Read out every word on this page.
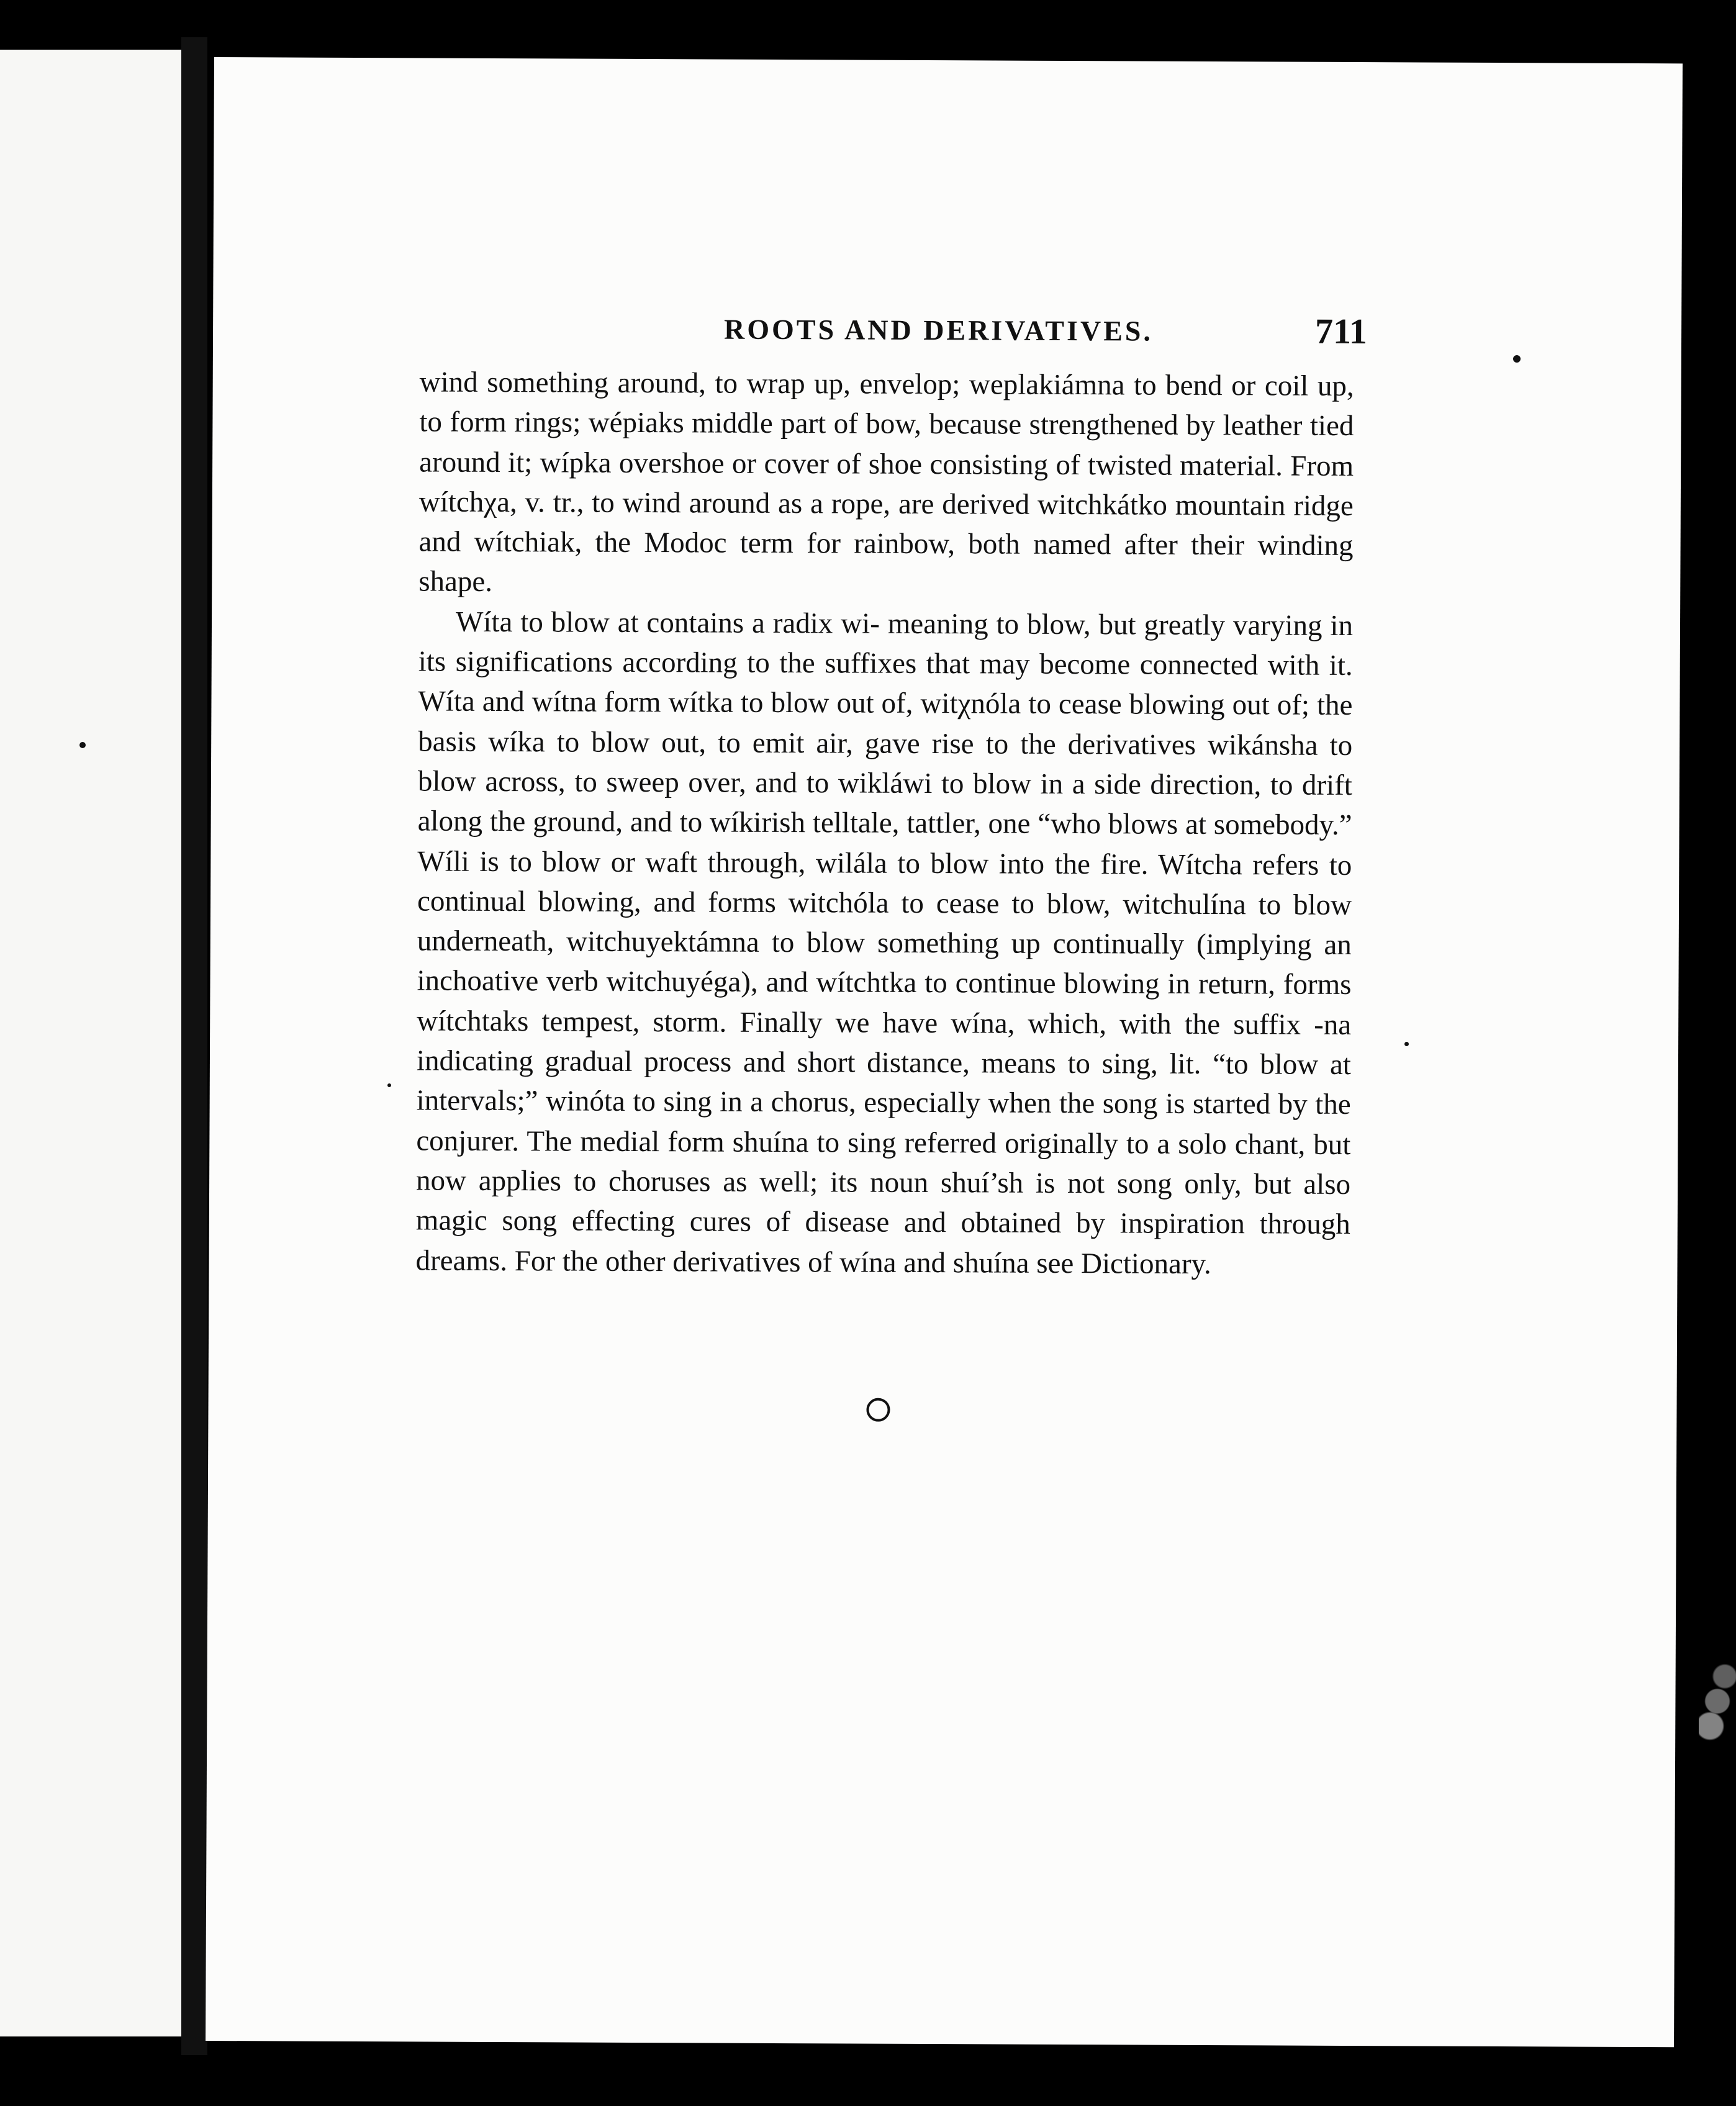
ROOTS AND DERIVATIVES.	711

wind something around, to wrap up, envelop; weplakiámna to bend or coil up, to form rings; wépiaks middle part of bow, because strengthened by leather tied around it; wípka overshoe or cover of shoe consisting of twisted material. From wítchχa, v. tr., to wind around as a rope, are derived witchkátko mountain ridge and wítchiak, the Modoc term for rainbow, both named after their winding shape.

Wíta to blow at contains a radix wi- meaning to blow, but greatly varying in its significations according to the suffixes that may become connected with it. Wíta and wítna form wítka to blow out of, witχnóla to cease blowing out of; the basis wíka to blow out, to emit air, gave rise to the derivatives wikánsha to blow across, to sweep over, and to wikláwi to blow in a side direction, to drift along the ground, and to wíkirish telltale, tattler, one “who blows at somebody.” Wíli is to blow or waft through, wilála to blow into the fire. Wítcha refers to continual blowing, and forms witchóla to cease to blow, witchulína to blow underneath, witchuyektámna to blow something up continually (implying an inchoative verb witchuyéga), and wítchtka to continue blowing in return, forms wítchtaks tempest, storm. Finally we have wína, which, with the suffix -na indicating gradual process and short distance, means to sing, lit. “to blow at intervals;” winóta to sing in a chorus, especially when the song is started by the conjurer. The medial form shuína to sing referred originally to a solo chant, but now applies to choruses as well; its noun shuí’sh is not song only, but also magic song effecting cures of disease and obtained by inspiration through dreams. For the other derivatives of wína and shuína see Dictionary.
